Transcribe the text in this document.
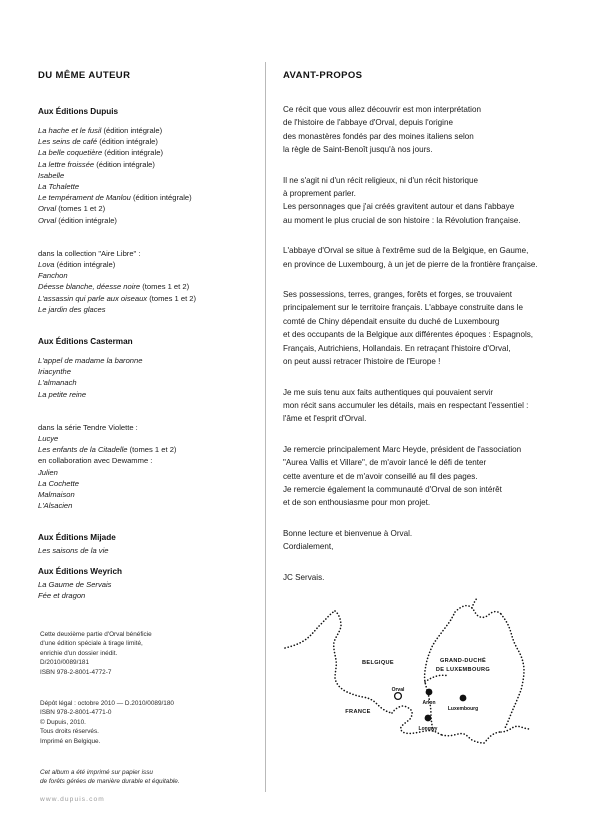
DU MÊME AUTEUR
Aux Éditions Dupuis
La hache et le fusil (édition intégrale)
Les seins de café (édition intégrale)
La belle coquetière (édition intégrale)
La lettre froissée (édition intégrale)
Isabelle
La Tchalette
Le tempérament de Manlou (édition intégrale)
Orval (tomes 1 et 2)
Orval (édition intégrale)
dans la collection "Aire Libre" :
Lova (édition intégrale)
Fanchon
Déesse blanche, déesse noire (tomes 1 et 2)
L'assassin qui parle aux oiseaux (tomes 1 et 2)
Le jardin des glaces
Aux Éditions Casterman
L'appel de madame la baronne
Iriacynthe
L'almanach
La petite reine
dans la série Tendre Violette :
Lucye
Les enfants de la Citadelle (tomes 1 et 2)
en collaboration avec Dewamme :
Julien
La Cochette
Malmaison
L'Alsacien
Aux Éditions Mijade
Les saisons de la vie
Aux Éditions Weyrich
La Gaume de Servais
Fée et dragon

Cette deuxième partie d'Orval bénéficie

d'une édition spéciale à tirage limité,

enrichie d'un dossier inédit.

D/2010/0089/181

ISBN 978-2-8001-4772-7

Dépôt légal : octobre 2010 — D.2010/0089/180

ISBN 978-2-8001-4771-0

© Dupuis, 2010.

Tous droits réservés.

Imprimé en Belgique.

Cet album a été imprimé sur papier issu

de forêts gérées de manière durable et équitable.

www.dupuis.com
AVANT-PROPOS

Ce récit que vous allez découvrir est mon interprétation
de l'histoire de l'abbaye d'Orval, depuis l'origine
des monastères fondés par des moines italiens selon
la règle de Saint-Benoît jusqu'à nos jours.

Il ne s'agit ni d'un récit religieux, ni d'un récit historique
à proprement parler.
Les personnages que j'ai créés gravitent autour et dans l'abbaye
au moment le plus crucial de son histoire : la Révolution française.

L'abbaye d'Orval se situe à l'extrême sud de la Belgique, en Gaume,
en province de Luxembourg, à un jet de pierre de la frontière française.

Ses possessions, terres, granges, forêts et forges, se trouvaient
principalement sur le territoire français. L'abbaye construite dans le
comté de Chiny dépendait ensuite du duché de Luxembourg
et des occupants de la Belgique aux différentes époques : Espagnols,
Français, Autrichiens, Hollandais. En retraçant l'histoire d'Orval,
on peut aussi retracer l'histoire de l'Europe !

Je me suis tenu aux faits authentiques qui pouvaient servir
mon récit sans accumuler les détails, mais en respectant l'essentiel :
l'âme et l'esprit d'Orval.

Je remercie principalement Marc Heyde, président de l'association
"Aurea Vallis et Villare", de m'avoir lancé le défi de tenter
cette aventure et de m'avoir conseillé au fil des pages.
Je remercie également la communauté d'Orval de son intérêt
et de son enthousiasme pour mon projet.

Bonne lecture et bienvenue à Orval.
Cordialement,

JC Servais.

BELGIQUE	GRAND-DUCHÉ
DE LUXEMBOURG
FRANCE
Orval
Arlon
Luxembourg
Longwy
